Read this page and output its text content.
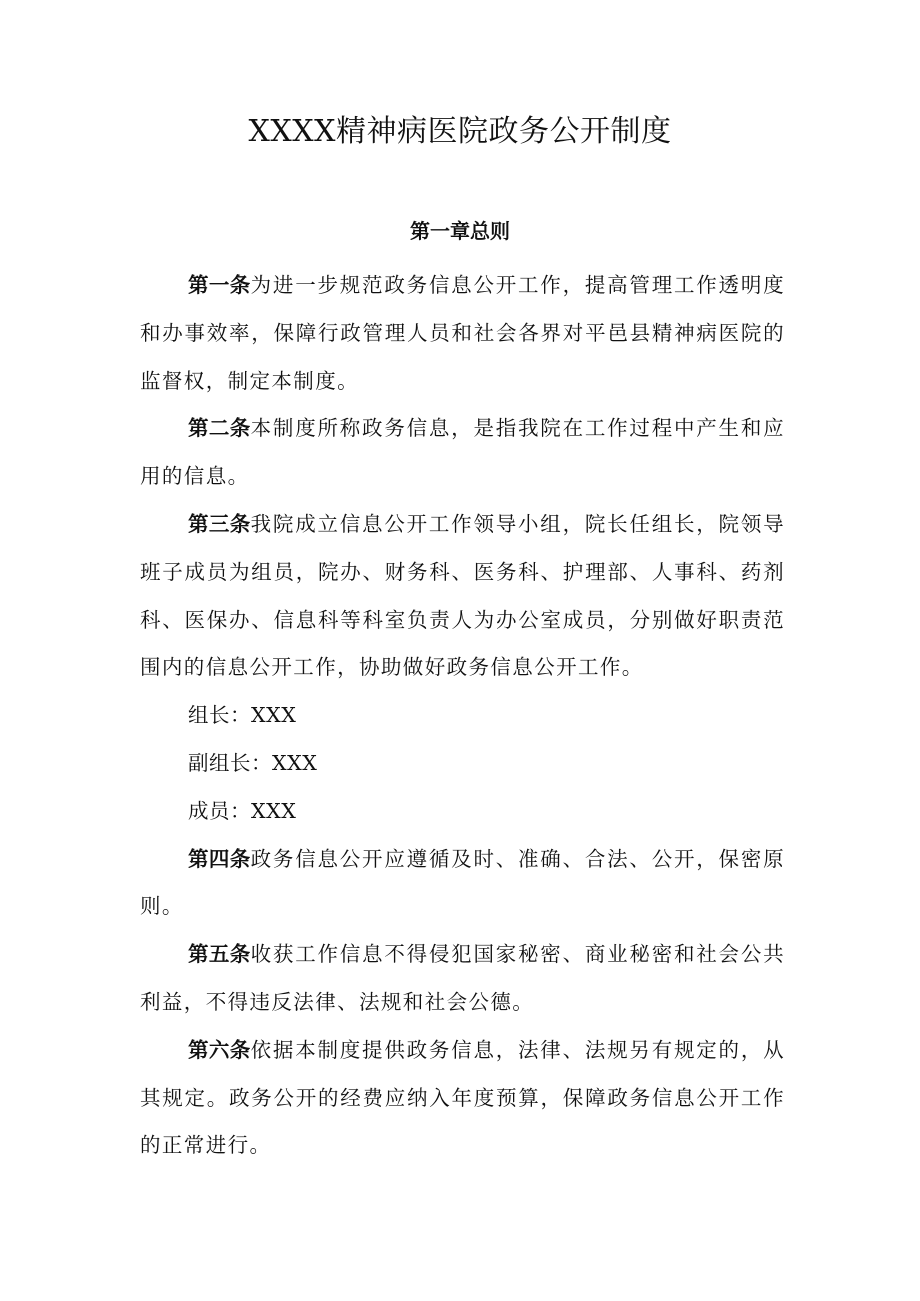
XXXX精神病医院政务公开制度
第一章总则

第一条为进一步规范政务信息公开工作，提高管理工作透明度和办事效率，保障行政管理人员和社会各界对平邑县精神病医院的监督权，制定本制度。

第二条本制度所称政务信息，是指我院在工作过程中产生和应用的信息。

第三条我院成立信息公开工作领导小组，院长任组长，院领导班子成员为组员，院办、财务科、医务科、护理部、人事科、药剂科、医保办、信息科等科室负责人为办公室成员，分别做好职责范围内的信息公开工作，协助做好政务信息公开工作。

组长：XXX

副组长：XXX

成员：XXX

第四条政务信息公开应遵循及时、准确、合法、公开，保密原则。

第五条收获工作信息不得侵犯国家秘密、商业秘密和社会公共利益，不得违反法律、法规和社会公德。

第六条依据本制度提供政务信息，法律、法规另有规定的，从其规定。政务公开的经费应纳入年度预算，保障政务信息公开工作的正常进行。
